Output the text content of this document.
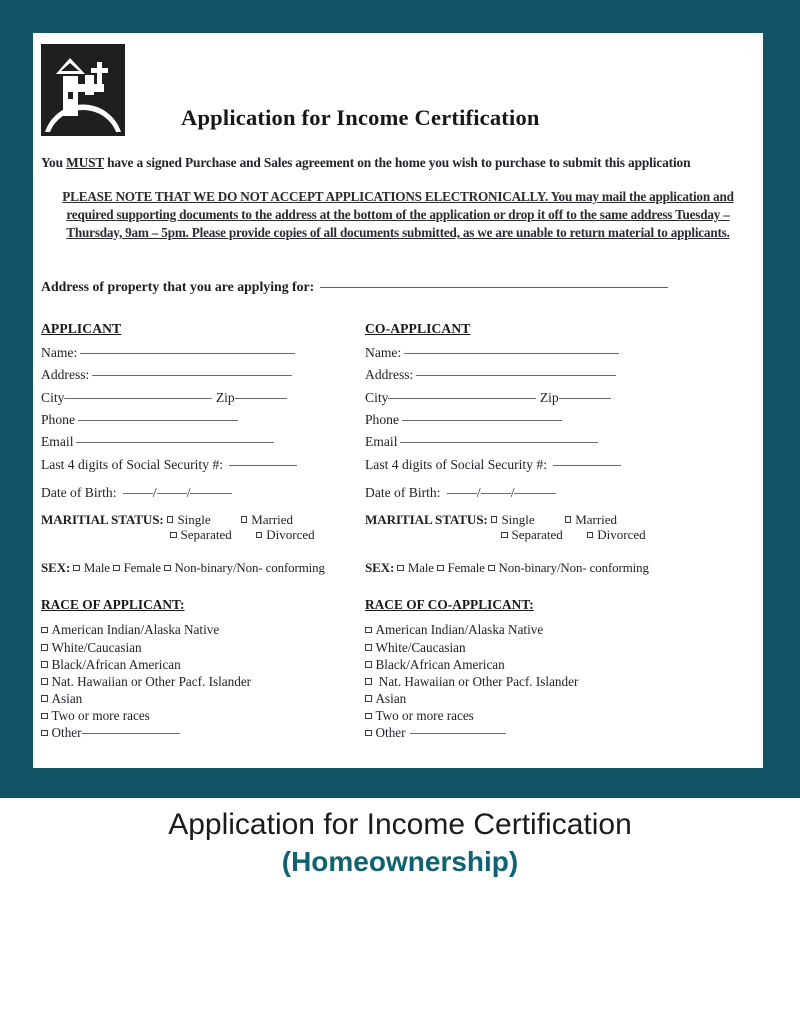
Application for Income Certification
You MUST have a signed Purchase and Sales agreement on the home you wish to purchase to submit this application
PLEASE NOTE THAT WE DO NOT ACCEPT APPLICATIONS ELECTRONICALLY. You may mail the application and required supporting documents to the address at the bottom of the application or drop it off to the same address Tuesday – Thursday, 9am – 5pm. Please provide copies of all documents submitted, as we are unable to return material to applicants.
Address of property that you are applying for:
APPLICANT
Name:
Address:
City	Zip
Phone
Email
Last 4 digits of Social Security #:
Date of Birth:	/ /
MARITIAL STATUS: Single	Married
Separated	Divorced
SEX: Male Female Non-binary/Non- conforming
RACE OF APPLICANT:
American Indian/Alaska Native
White/Caucasian
Black/African American
Nat. Hawaiian or Other Pacf. Islander
Asian
Two or more races
Other
CO-APPLICANT
Name:
Address:
City	Zip
Phone
Email
Last 4 digits of Social Security #:
Date of Birth:	/ /
MARITIAL STATUS: Single	Married
Separated	Divorced
SEX: Male Female Non-binary/Non- conforming
RACE OF CO-APPLICANT:
American Indian/Alaska Native
White/Caucasian
Black/African American
Nat. Hawaiian or Other Pacf. Islander
Asian
Two or more races
Other
Application for Income Certification
(Homeownership)
